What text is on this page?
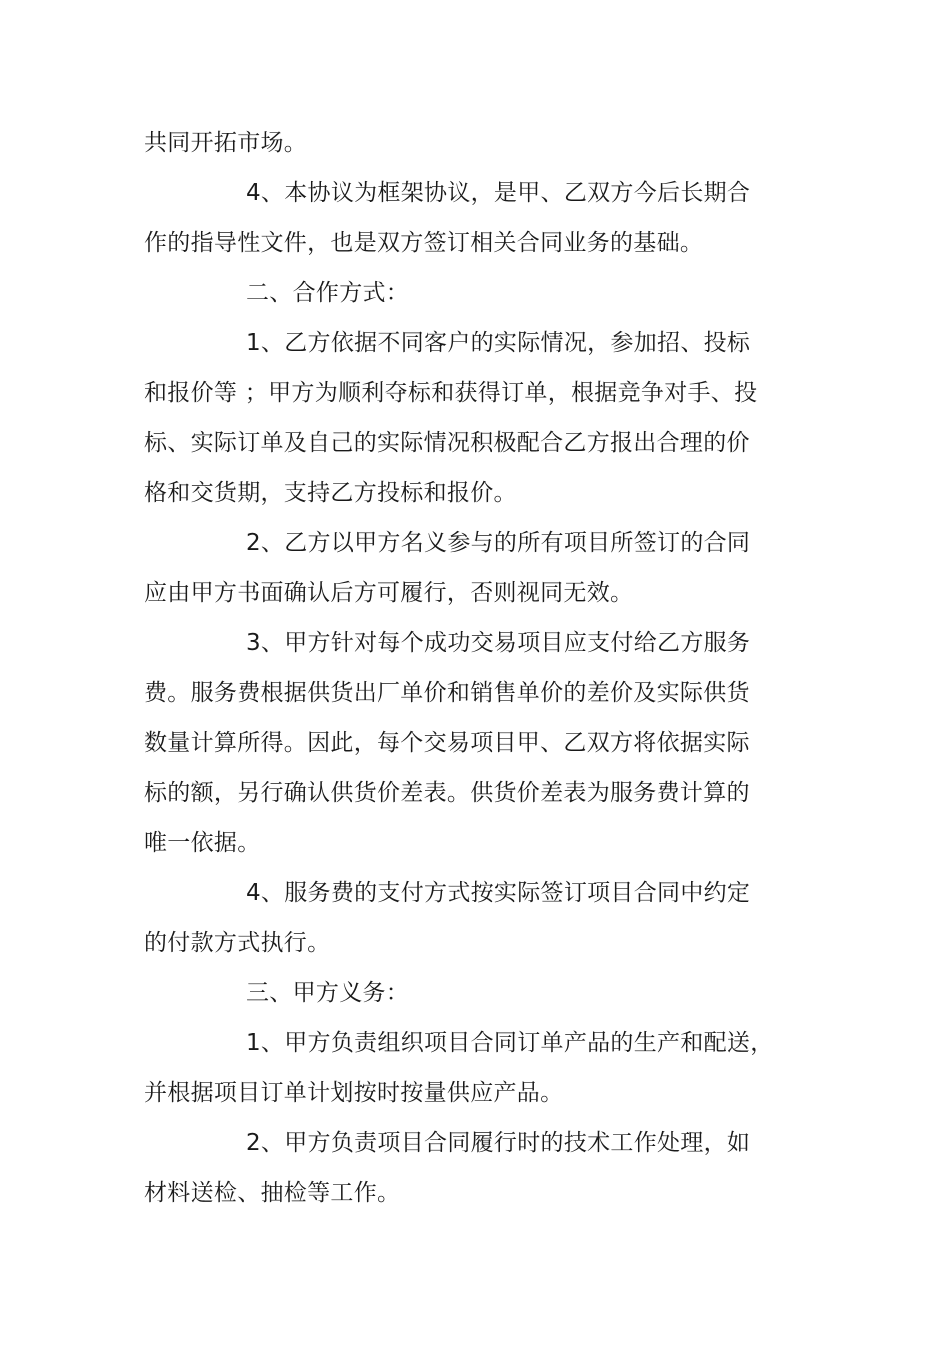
共同开拓市场。
4、本协议为框架协议，是甲、乙双方今后长期合
作的指导性文件，也是双方签订相关合同业务的基础。
二、合作方式：
1、乙方依据不同客户的实际情况，参加招、投标
和报价等 ；甲方为顺利夺标和获得订单，根据竞争对手、投
标、实际订单及自己的实际情况积极配合乙方报出合理的价
格和交货期，支持乙方投标和报价。
2、乙方以甲方名义参与的所有项目所签订的合同
应由甲方书面确认后方可履行，否则视同无效。
3、甲方针对每个成功交易项目应支付给乙方服务
费。服务费根据供货出厂单价和销售单价的差价及实际供货
数量计算所得。因此，每个交易项目甲、乙双方将依据实际
标的额，另行确认供货价差表。供货价差表为服务费计算的
唯一依据。
4、服务费的支付方式按实际签订项目合同中约定
的付款方式执行。
三、甲方义务：
1、甲方负责组织项目合同订单产品的生产和配送，
并根据项目订单计划按时按量供应产品。
2、甲方负责项目合同履行时的技术工作处理，如
材料送检、抽检等工作。
